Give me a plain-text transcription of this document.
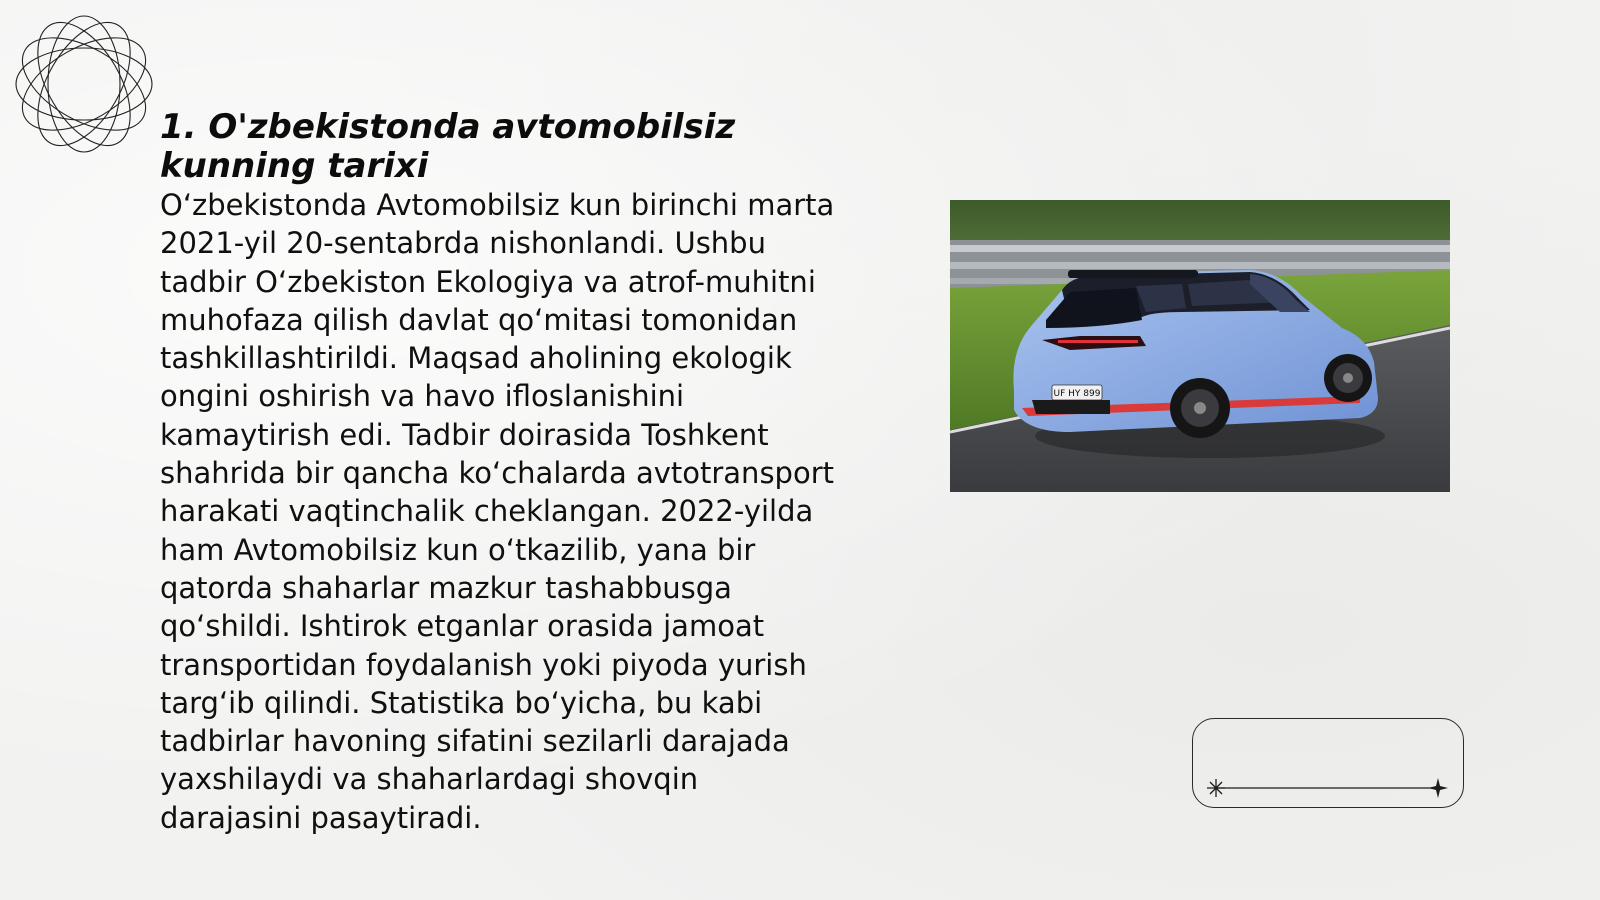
1. O'zbekistonda avtomobilsiz kunning tarixi

O‘zbekistonda Avtomobilsiz kun birinchi marta 2021-yil 20-sentabrda nishonlandi. Ushbu tadbir O‘zbekiston Ekologiya va atrof-muhitni muhofaza qilish davlat qo‘mitasi tomonidan tashkillashtirildi. Maqsad aholining ekologik ongini oshirish va havo ifloslanishini kamaytirish edi. Tadbir doirasida Toshkent shahrida bir qancha ko‘chalarda avtotransport harakati vaqtinchalik cheklangan. 2022-yilda ham Avtomobilsiz kun o‘tkazilib, yana bir qatorda shaharlar mazkur tashabbusga qo‘shildi. Ishtirok etganlar orasida jamoat transportidan foydalanish yoki piyoda yurish targ‘ib qilindi. Statistika bo‘yicha, bu kabi tadbirlar havoning sifatini sezilarli darajada yaxshilaydi va shaharlardagi shovqin darajasini pasaytiradi.

UF HY 899
